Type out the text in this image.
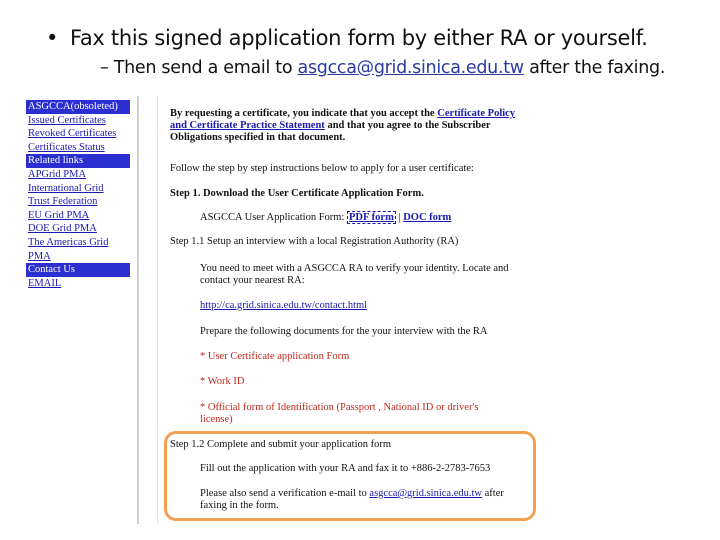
• Fax this signed application form by either RA or yourself.
– Then send a email to asgcca@grid.sinica.edu.tw after the faxing.
ASGCCA(obsoleted)
Issued Certificates
Revoked Certificates
Certificates Status
Related links
APGrid PMA
International Grid
Trust Federation
EU Grid PMA
DOE Grid PMA
The Americas Grid
PMA
Contact Us
EMAIL
By requesting a certificate, you indicate that you accept the Certificate Policy
and Certificate Practice Statement and that you agree to the Subscriber
Obligations specified in that document.
Follow the step by step instructions below to apply for a user certificate:
Step 1. Download the User Certificate Application Form.
ASGCCA User Application Form: PDF form | DOC form
Step 1.1 Setup an interview with a local Registration Authority (RA)
You need to meet with a ASGCCA RA to verify your identity. Locate and
contact your nearest RA:
http://ca.grid.sinica.edu.tw/contact.html
Prepare the following documents for the your interview with the RA
* User Certificate application Form
* Work ID
* Official form of Identification (Passport , National ID or driver's
license)
Step 1.2 Complete and submit your application form
Fill out the application with your RA and fax it to +886-2-2783-7653
Please also send a verification e-mail to asgcca@grid.sinica.edu.tw after
faxing in the form.
